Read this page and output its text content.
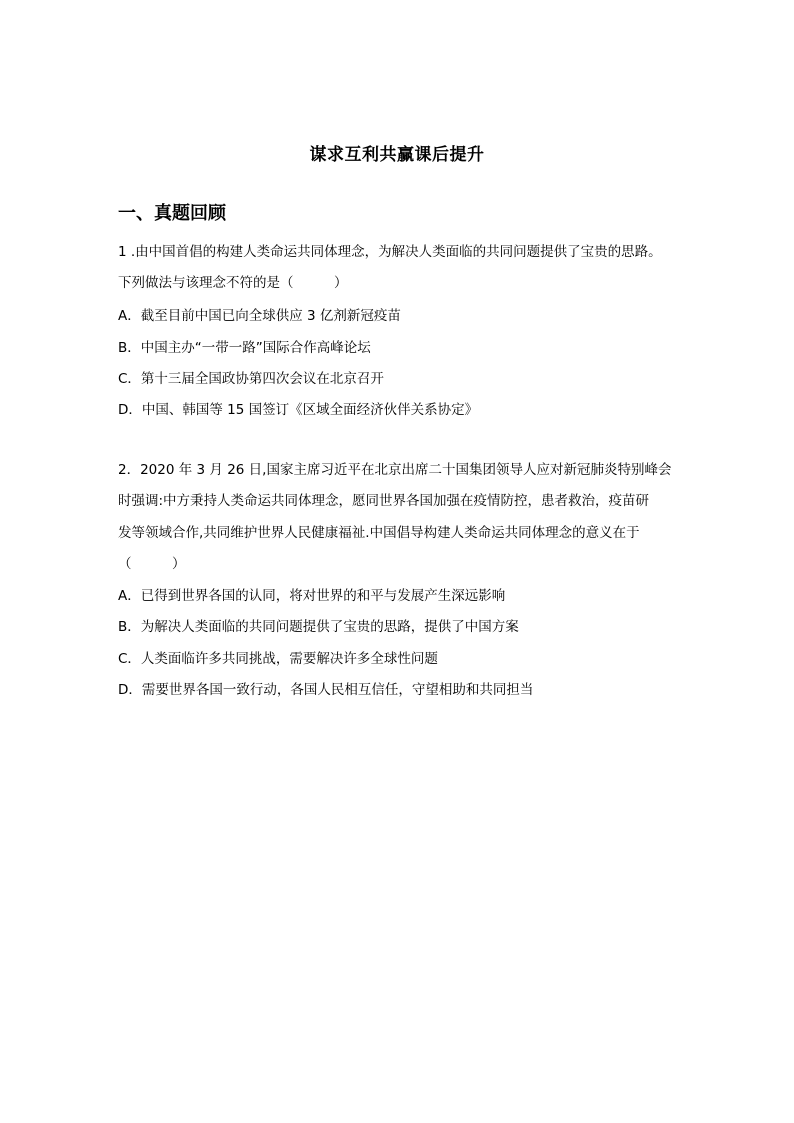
谋求互利共赢课后提升
一、真题回顾
1 .由中国首倡的构建人类命运共同体理念，为解决人类面临的共同问题提供了宝贵的思路。
下列做法与该理念不符的是（　　　）
A．截至目前中国已向全球供应 3 亿剂新冠疫苗
B．中国主办“一带一路”国际合作高峰论坛
C．第十三届全国政协第四次会议在北京召开
D．中国、韩国等 15 国签订《区域全面经济伙伴关系协定》
2．2020 年 3 月 26 日,国家主席习近平在北京出席二十国集团领导人应对新冠肺炎特别峰会
时强调:中方秉持人类命运共同体理念，愿同世界各国加强在疫情防控，患者救治，疫苗研
发等领域合作,共同维护世界人民健康福祉.中国倡导构建人类命运共同体理念的意义在于
（　　　）
A．已得到世界各国的认同，将对世界的和平与发展产生深远影响
B．为解决人类面临的共同问题提供了宝贵的思路，提供了中国方案
C．人类面临许多共同挑战，需要解决许多全球性问题
D．需要世界各国一致行动，各国人民相互信任，守望相助和共同担当
